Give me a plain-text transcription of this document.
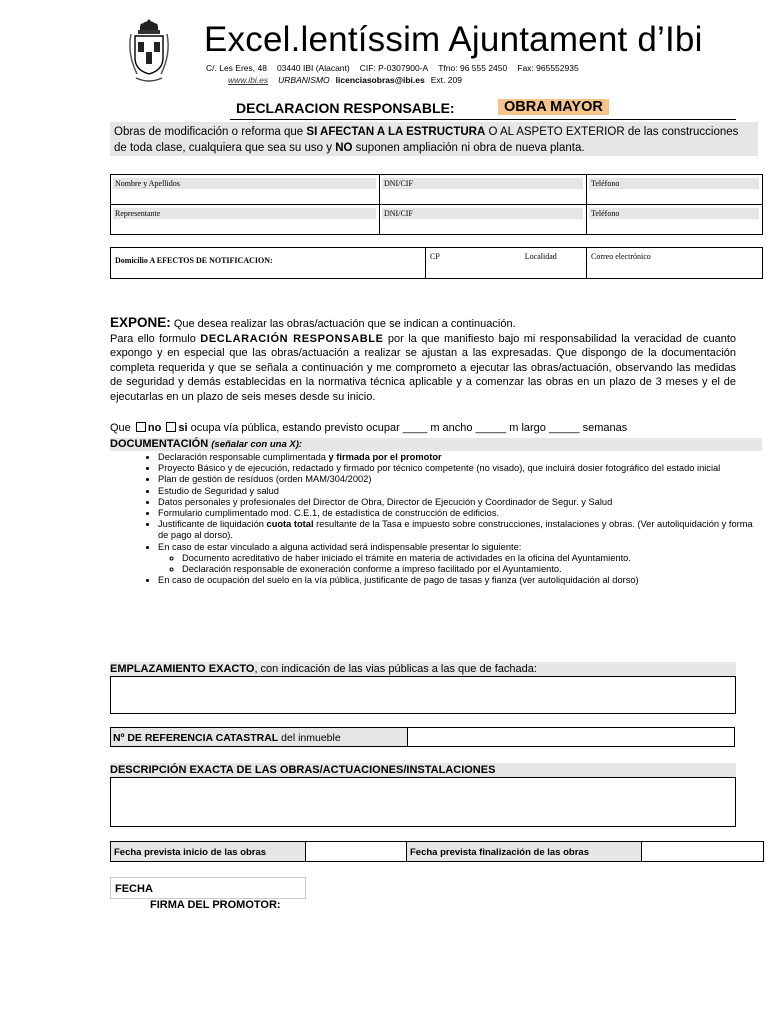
Excel.lentíssim Ajuntament d’Ibi
C/. Les Eres, 48 03440 IBI (Alacant) CIF: P-0307900-A Tfno: 96 555 2450 Fax: 965552935
www.ibi.es URBANISMO licenciasobras@ibi.es Ext. 209
DECLARACION RESPONSABLE:	OBRA MAYOR
Obras de modificación o reforma que SI AFECTAN A LA ESTRUCTURA O AL ASPETO EXTERIOR de las construcciones de toda clase, cualquiera que sea su uso y NO suponen ampliación ni obra de nueva planta.
Nombre y Apellidos	DNI/CIF	Teléfono

Representante	DNI/CIF	Teléfono
Domicilio A EFECTOS DE NOTIFICACION:	CP	Localidad	Correo electrónico
EXPONE: Que desea realizar las obras/actuación que se indican a continuación.
Para ello formulo DECLARACIÓN RESPONSABLE por la que manifiesto bajo mi responsabilidad la veracidad de cuanto expongo y en especial que las obras/actuación a realizar se ajustan a las expresadas. Que dispongo de la documentación completa requerida y que se señala a continuación y me comprometo a ejecutar las obras/actuación, observando las medidas de seguridad y demás establecidas en la normativa técnica aplicable y a comenzar las obras en un plazo de 3 meses y el de ejecutarlas en un plazo de seis meses desde su inicio.
Que no si ocupa vía pública, estando previsto ocupar ____ m ancho _____ m largo _____ semanas
DOCUMENTACIÓN (señalar con una X):
• Declaración responsable cumplimentada y firmada por el promotor
• Proyecto Básico y de ejecución, redactado y firmado por técnico competente (no visado), que incluirá dosier fotográfico del estado inicial
• Plan de gestión de resíduos (orden MAM/304/2002)
• Estudio de Seguridad y salud
• Datos personales y profesionales del Director de Obra, Director de Ejecución y Coordinador de Segur. y Salud
• Formulario cumplimentado mod. C.E.1, de estadística de construcción de edificios.
• Justificante de liquidación cuota total resultante de la Tasa e impuesto sobre construcciones, instalaciones y obras. (Ver autoliquidación y forma de pago al dorso).
• En caso de estar vinculado a alguna actividad será indispensable presentar lo siguiente:
◦ Documento acreditativo de haber iniciado el trámite en materia de actividades en la oficina del Ayuntamiento.
◦ Declaración responsable de exoneración conforme a impreso facilitado por el Ayuntamiento.
• En caso de ocupación del suelo en la vía pública, justificante de pago de tasas y fianza (ver autoliquidación al dorso)
EMPLAZAMIENTO EXACTO, con indicación de las vias públicas a las que de fachada:
Nº DE REFERENCIA CATASTRAL del inmueble
DESCRIPCIÓN EXACTA DE LAS OBRAS/ACTUACIONES/INSTALACIONES
Fecha prevista inicio de las obras	Fecha prevista finalización de las obras
FECHA
FIRMA DEL PROMOTOR:
